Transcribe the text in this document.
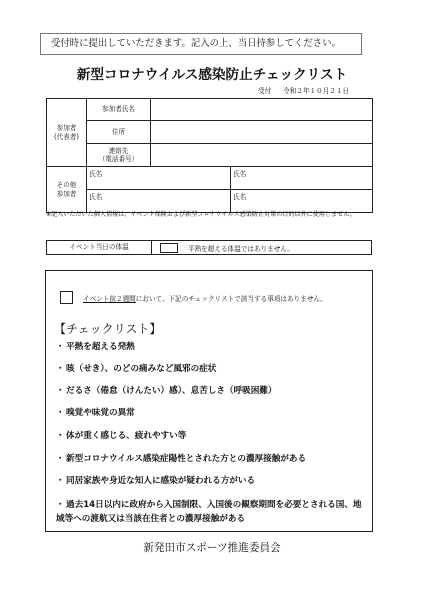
受付時に提出していただきます。記入の上、当日持参してください。
新型コロナウイルス感染防止チェックリスト
受付 令和２年１０月２１日
参加者
(代表者)	参加者氏名		
	住所		
	連絡先
（電話番号）		
その他
参加者	氏名		氏名
	氏名		氏名
※記入いただいた個人情報は、イベント保険および新型コロナウイルス感染防止対策の目的以外に使用しません。
イベント当日の体温	平熱を超える体温ではありません。
イベント前２週間 において、下記のチェックリストで該当する事項はありません。
【チェックリスト】
・平熱を超える発熱
・咳（せき）、のどの痛みなど風邪の症状
・だるさ（倦怠（けんたい）感）、息苦しさ（呼吸困難）
・嗅覚や味覚の異常
・体が重く感じる、疲れやすい等
・新型コロナウイルス感染症陽性とされた方との濃厚接触がある
・同居家族や身近な知人に感染が疑われる方がいる
・過去14日以内に政府から入国制限、入国後の観察期間を必要とされる国、地域等への渡航又は当該在住者との濃厚接触がある
新発田市スポーツ推進委員会
